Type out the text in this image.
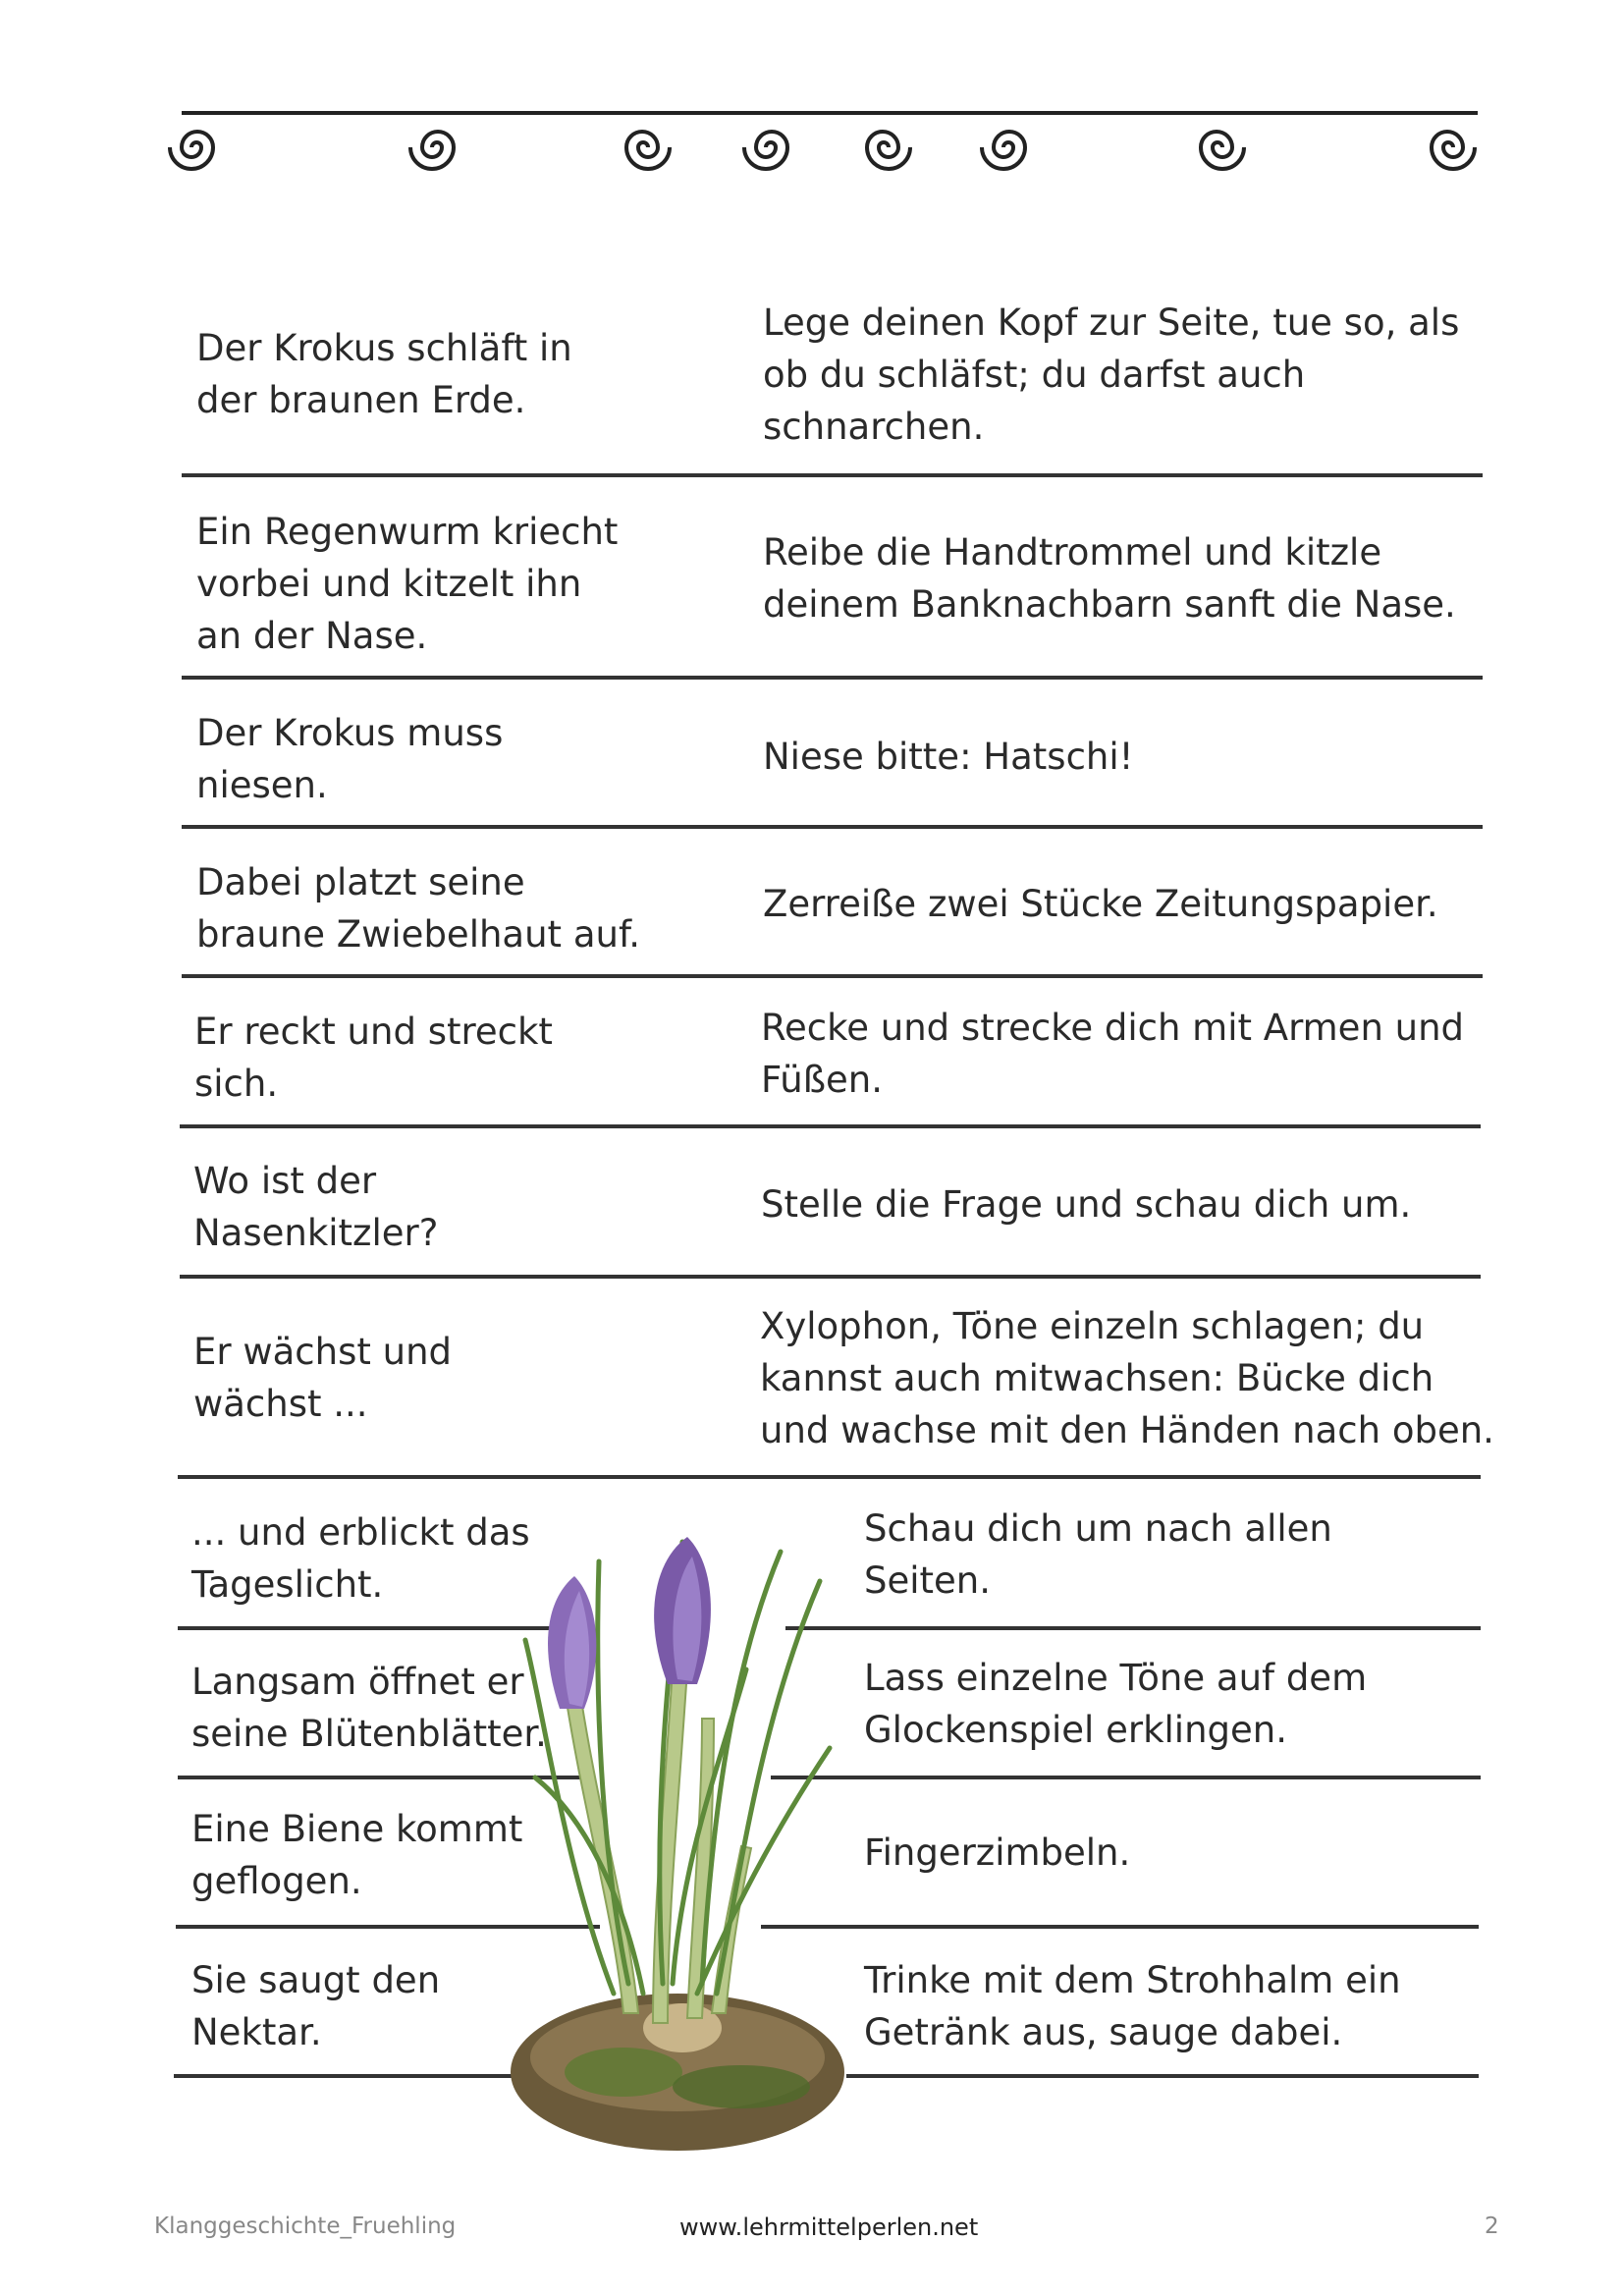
Der Krokus schläft in
der braunen Erde.
Lege deinen Kopf zur Seite, tue so, als
ob du schläfst; du darfst auch
schnarchen.
Ein Regenwurm kriecht
vorbei und kitzelt ihn
an der Nase.
Reibe die Handtrommel und kitzle
deinem Banknachbarn sanft die Nase.
Der Krokus muss
niesen.
Niese bitte: Hatschi!
Dabei platzt seine
braune Zwiebelhaut auf.
Zerreiße zwei Stücke Zeitungspapier.
Er reckt und streckt
sich.
Recke und strecke dich mit Armen und
Füßen.
Wo ist der
Nasenkitzler?
Stelle die Frage und schau dich um.
Er wächst und
wächst ...
Xylophon, Töne einzeln schlagen; du
kannst auch mitwachsen: Bücke dich
und wachse mit den Händen nach oben.
... und erblickt das
Tageslicht.
Schau dich um nach allen
Seiten.
Langsam öffnet er
seine Blütenblätter.
Lass einzelne Töne auf dem
Glockenspiel erklingen.
Eine Biene kommt
geflogen.
Fingerzimbeln.
Sie saugt den
Nektar.
Trinke mit dem Strohhalm ein
Getränk aus, sauge dabei.
Klanggeschichte_Fruehling	www.lehrmittelperlen.net	2
